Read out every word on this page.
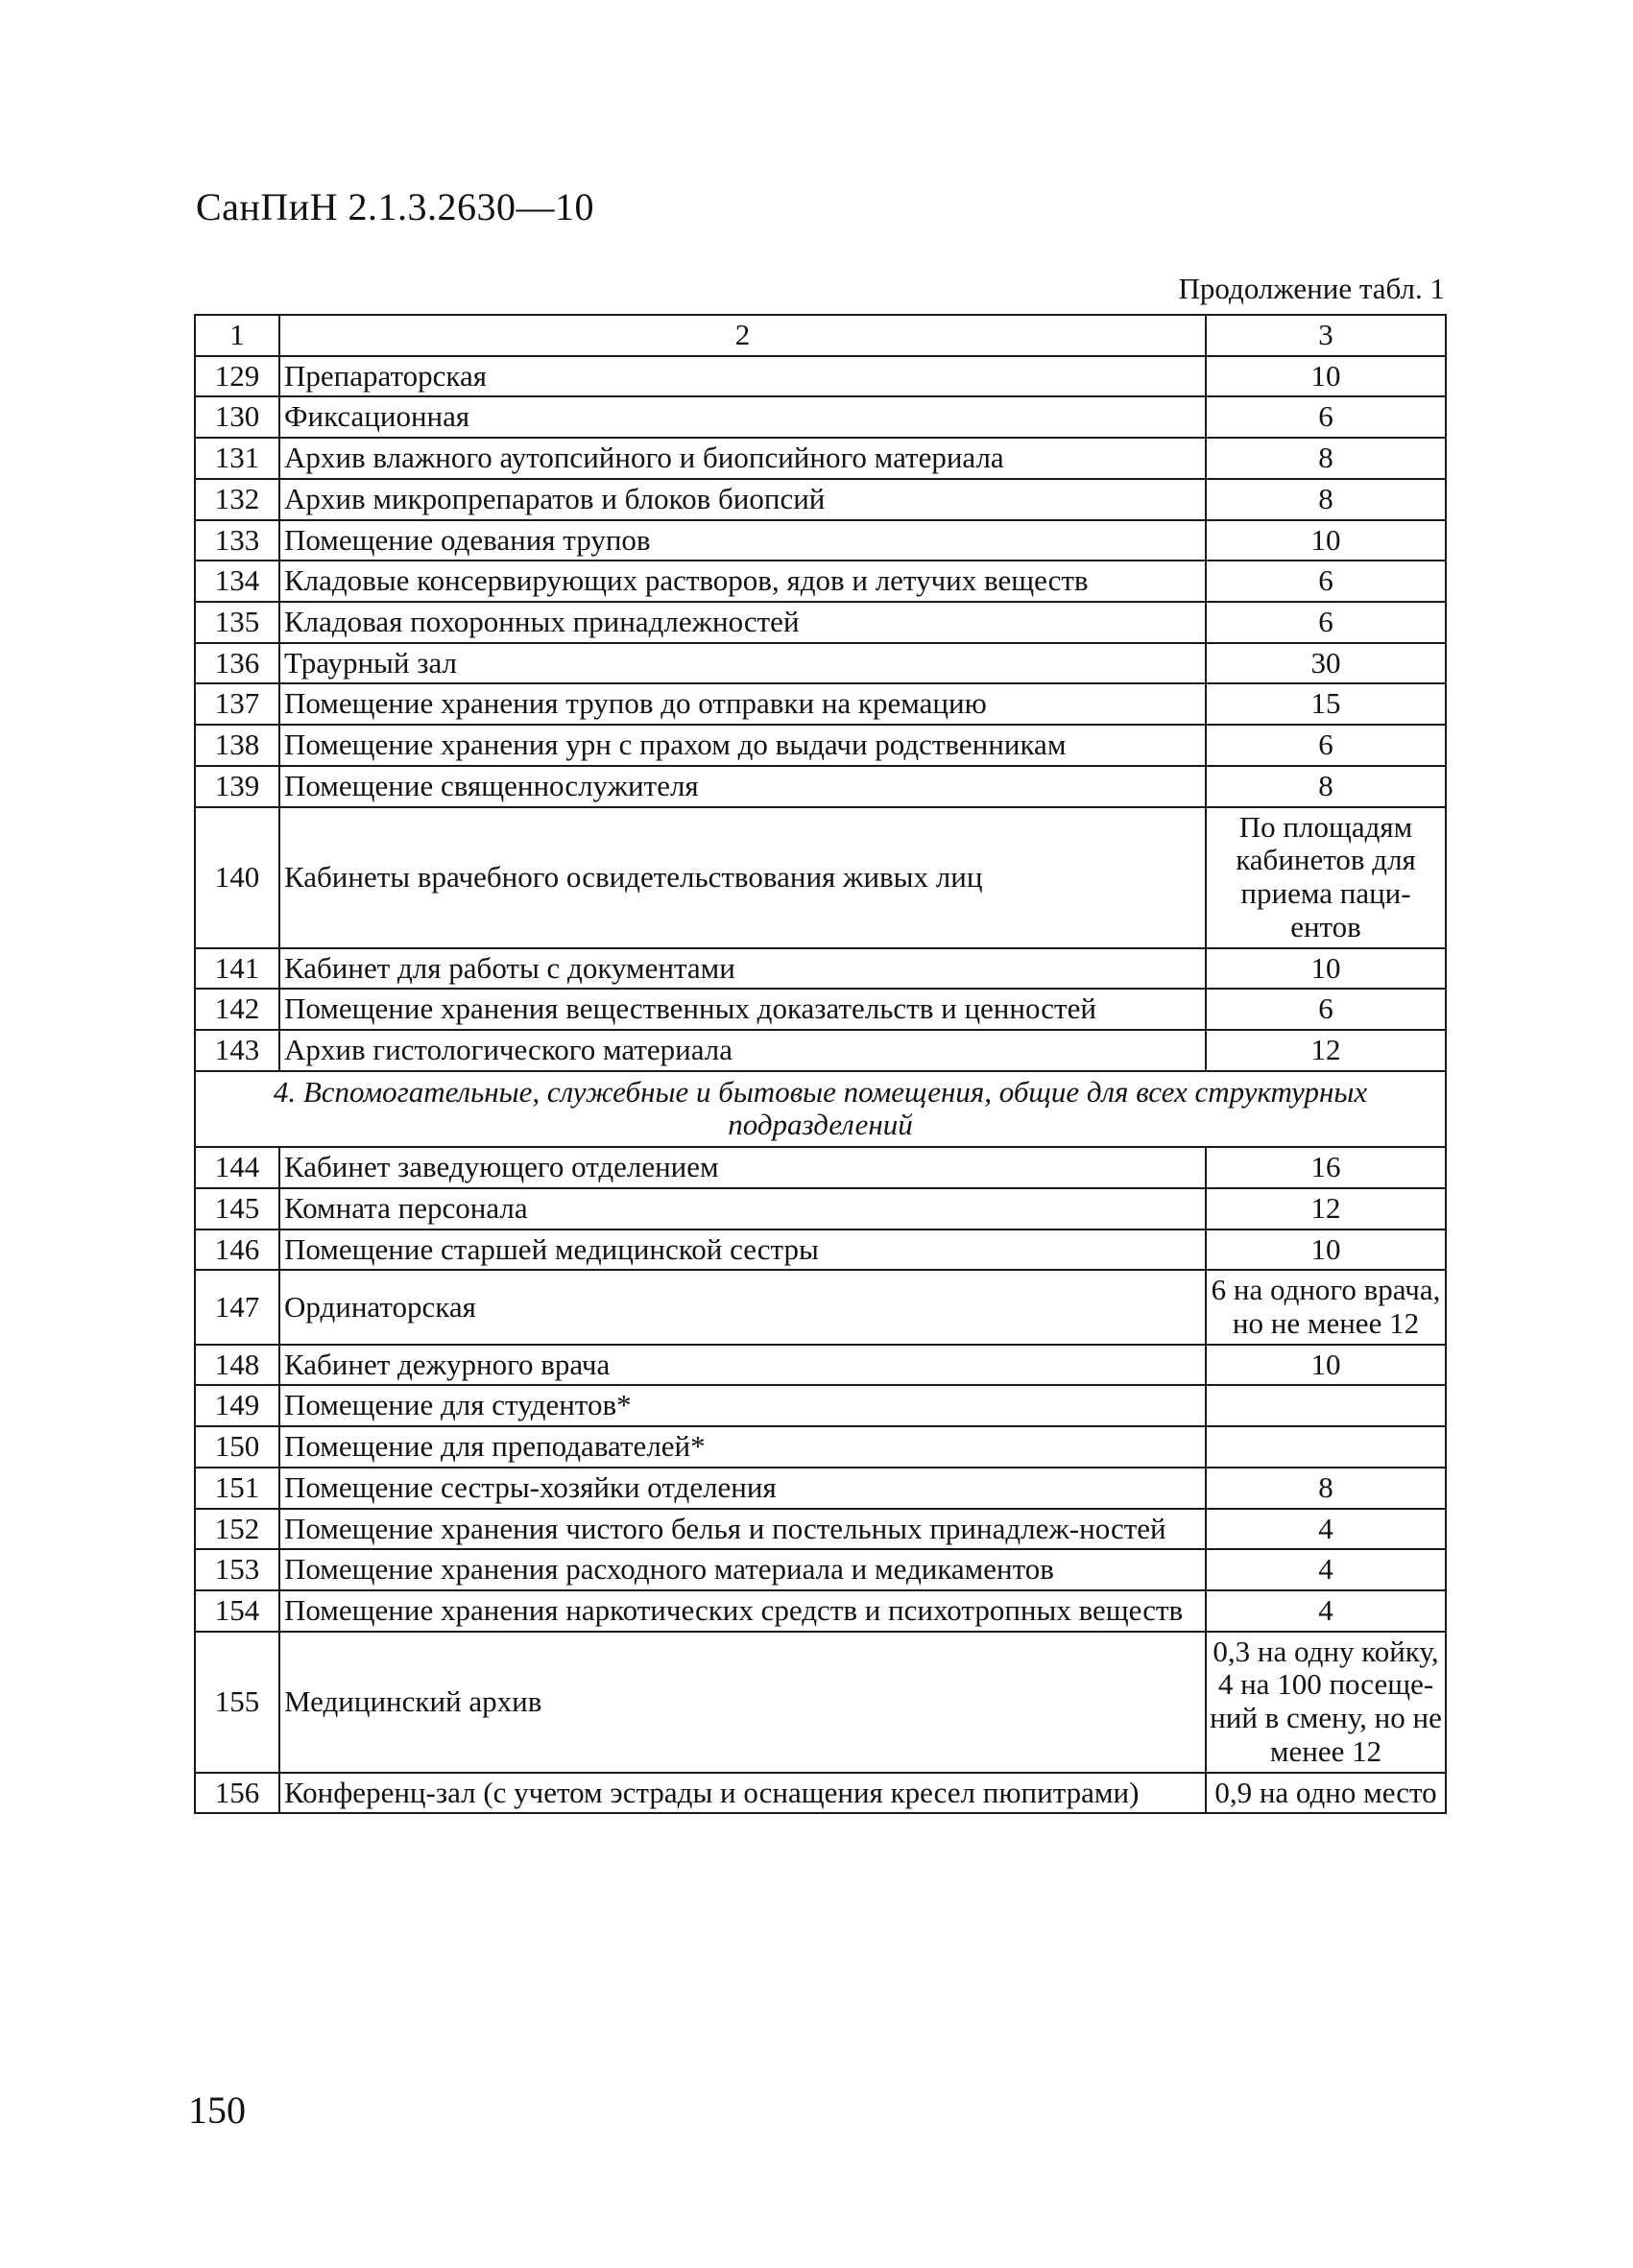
СанПиН 2.1.3.2630—10
Продолжение табл. 1
1	2	3
129	Препараторская	10
130	Фиксационная	6
131	Архив влажного аутопсийного и биопсийного материала	8
132	Архив микропрепаратов и блоков биопсий	8
133	Помещение одевания трупов	10
134	Кладовые консервирующих растворов, ядов и летучих веществ	6
135	Кладовая похоронных принадлежностей	6
136	Траурный зал	30
137	Помещение хранения трупов до отправки на кремацию	15
138	Помещение хранения урн с прахом до выдачи родственникам	6
139	Помещение священнослужителя	8
140	Кабинеты врачебного освидетельствования живых лиц	По площадям кабинетов для приема паци-ентов
141	Кабинет для работы с документами	10
142	Помещение хранения вещественных доказательств и ценностей	6
143	Архив гистологического материала	12
4. Вспомогательные, служебные и бытовые помещения, общие для всех структурных подразделений		
144	Кабинет заведующего отделением	16
145	Комната персонала	12
146	Помещение старшей медицинской сестры	10
147	Ординаторская	6 на одного врача, но не менее 12
148	Кабинет дежурного врача	10
149	Помещение для студентов*	
150	Помещение для преподавателей*	
151	Помещение сестры-хозяйки отделения	8
152	Помещение хранения чистого белья и постельных принадлеж-ностей	4
153	Помещение хранения расходного материала и медикаментов	4
154	Помещение хранения наркотических средств и психотропных веществ	4
155	Медицинский архив	0,3 на одну койку, 4 на 100 посеще-ний в смену, но не менее 12
156	Конференц-зал (с учетом эстрады и оснащения кресел пюпитрами)	0,9 на одно место
150
